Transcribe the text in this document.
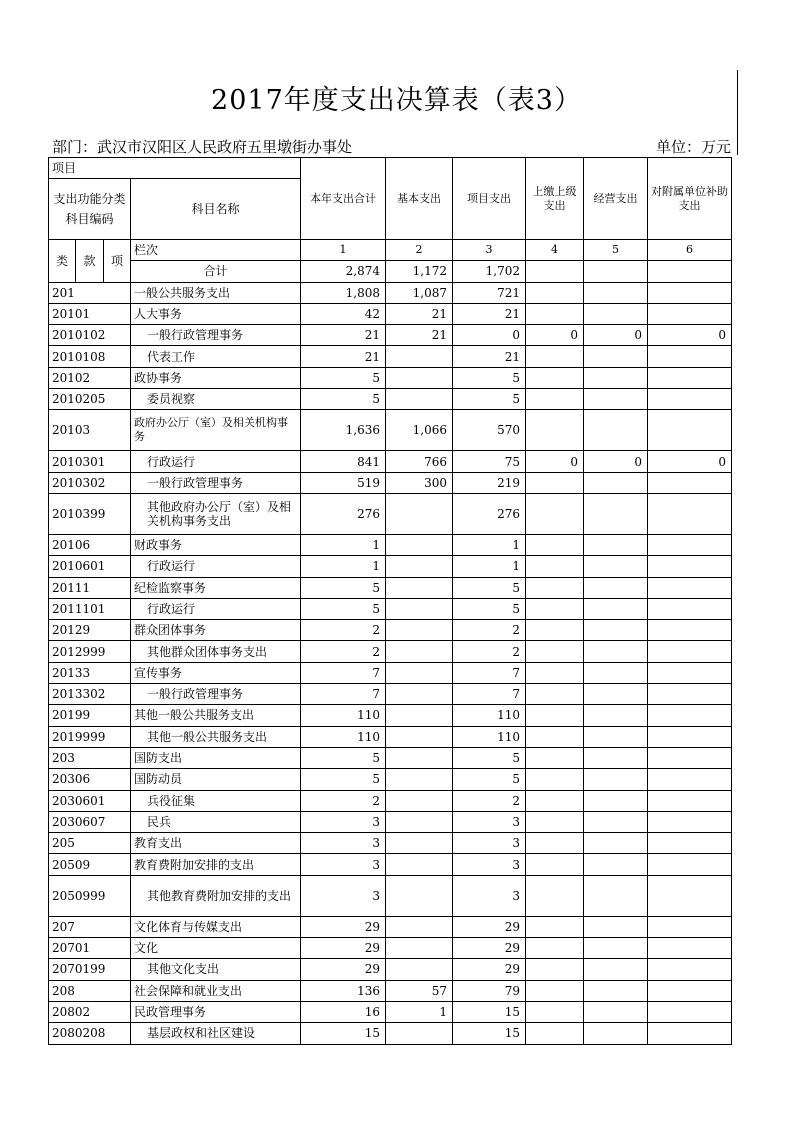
2017年度支出决算表（表3）
部门：武汉市汉阳区人民政府五里墩街办事处	单位：万元
项目				本年支出合计	基本支出	项目支出	上缴上级支出	经营支出	对附属单位补助支出
支出功能分类科目编码			科目名称						

类	款	项	栏次	1	2	3	4	5	6
			合计	2,874	1,172	1,702			
201			一般公共服务支出	1,808	1,087	721			
20101			人大事务	42	21	21			
2010102			一般行政管理事务	21	21	0	0	0	0
2010108			代表工作	21		21			
20102			政协事务	5		5			
2010205			委员视察	5		5			
20103			政府办公厅（室）及相关机构事务	1,636	1,066	570			
2010301			行政运行	841	766	75	0	0	0
2010302			一般行政管理事务	519	300	219			
2010399			其他政府办公厅（室）及相关机构事务支出	276		276			
20106			财政事务	1		1			
2010601			行政运行	1		1			
20111			纪检监察事务	5		5			
2011101			行政运行	5		5			
20129			群众团体事务	2		2			
2012999			其他群众团体事务支出	2		2			
20133			宣传事务	7		7			
2013302			一般行政管理事务	7		7			
20199			其他一般公共服务支出	110		110			
2019999			其他一般公共服务支出	110		110			
203			国防支出	5		5			
20306			国防动员	5		5			
2030601			兵役征集	2		2			
2030607			民兵	3		3			
205			教育支出	3		3			
20509			教育费附加安排的支出	3		3			
2050999			其他教育费附加安排的支出	3		3			
207			文化体育与传媒支出	29		29			
20701			文化	29		29			
2070199			其他文化支出	29		29			
208			社会保障和就业支出	136	57	79			
20802			民政管理事务	16	1	15			
2080208			基层政权和社区建设	15		15			
